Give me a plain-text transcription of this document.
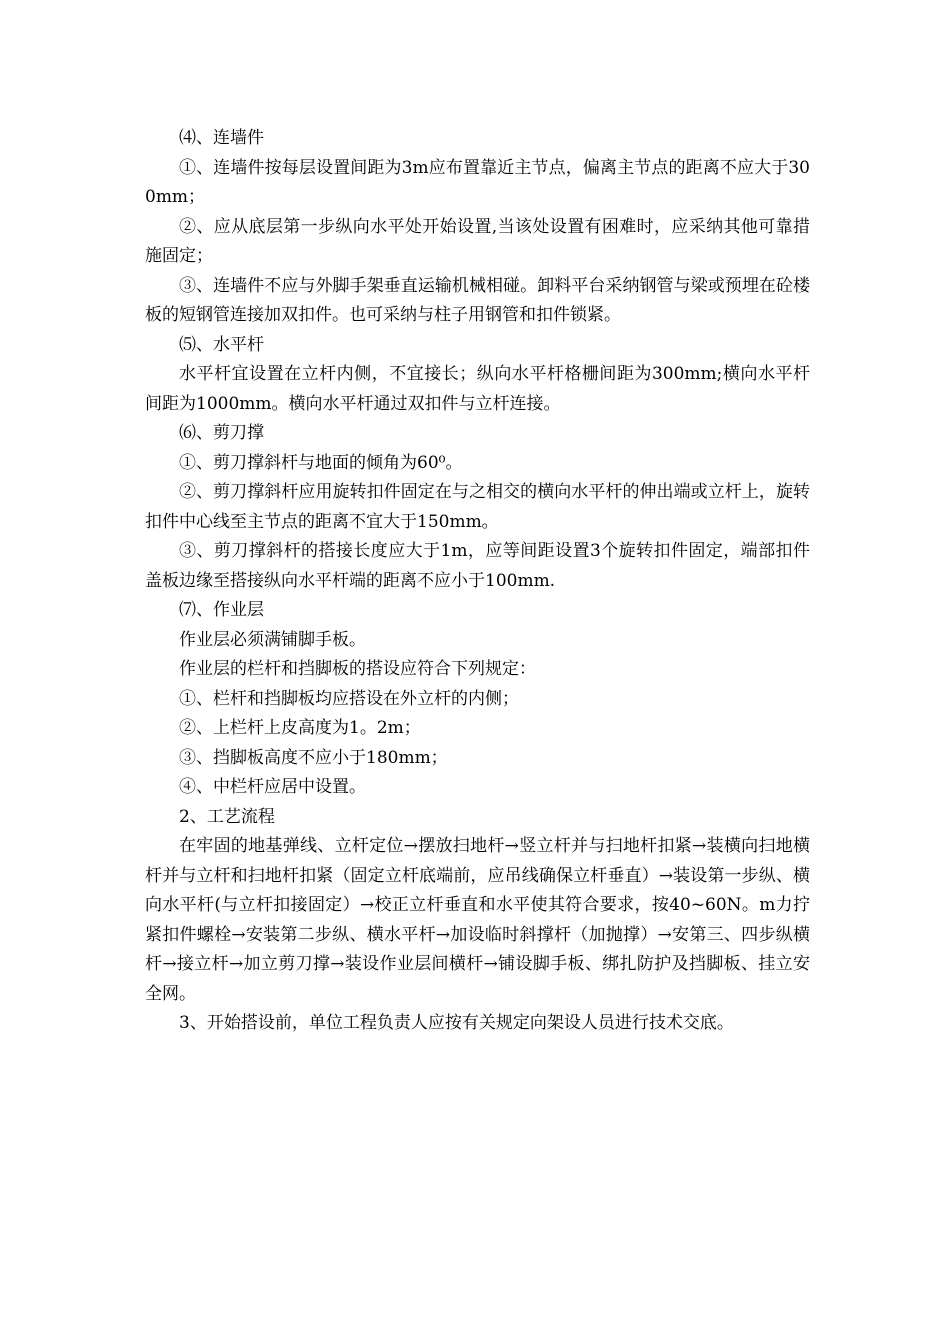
⑷、连墙件

①、连墙件按每层设置间距为3m应布置靠近主节点，偏离主节点的距离不应大于300mm；

②、应从底层第一步纵向水平处开始设置,当该处设置有困难时，应采纳其他可靠措施固定；

③、连墙件不应与外脚手架垂直运输机械相碰。卸料平台采纳钢管与梁或预埋在砼楼板的短钢管连接加双扣件。也可采纳与柱子用钢管和扣件锁紧。

⑸、水平杆

水平杆宜设置在立杆内侧，不宜接长；纵向水平杆格栅间距为300mm;横向水平杆间距为1000mm。横向水平杆通过双扣件与立杆连接。

⑹、剪刀撑

①、剪刀撑斜杆与地面的倾角为60⁰。

②、剪刀撑斜杆应用旋转扣件固定在与之相交的横向水平杆的伸出端或立杆上，旋转扣件中心线至主节点的距离不宜大于150mm。

③、剪刀撑斜杆的搭接长度应大于1m，应等间距设置3个旋转扣件固定，端部扣件盖板边缘至搭接纵向水平杆端的距离不应小于100mm.

⑺、作业层

作业层必须满铺脚手板。

作业层的栏杆和挡脚板的搭设应符合下列规定：

①、栏杆和挡脚板均应搭设在外立杆的内侧；

②、上栏杆上皮高度为1。2m；

③、挡脚板高度不应小于180mm；

④、中栏杆应居中设置。

2、工艺流程

在牢固的地基弹线、立杆定位→摆放扫地杆→竖立杆并与扫地杆扣紧→装横向扫地横杆并与立杆和扫地杆扣紧（固定立杆底端前，应吊线确保立杆垂直）→装设第一步纵、横向水平杆(与立杆扣接固定）→校正立杆垂直和水平使其符合要求，按40~60N。m力拧紧扣件螺栓→安装第二步纵、横水平杆→加设临时斜撑杆（加抛撑）→安第三、四步纵横杆→接立杆→加立剪刀撑→装设作业层间横杆→铺设脚手板、绑扎防护及挡脚板、挂立安全网。

3、开始搭设前，单位工程负责人应按有关规定向架设人员进行技术交底。
